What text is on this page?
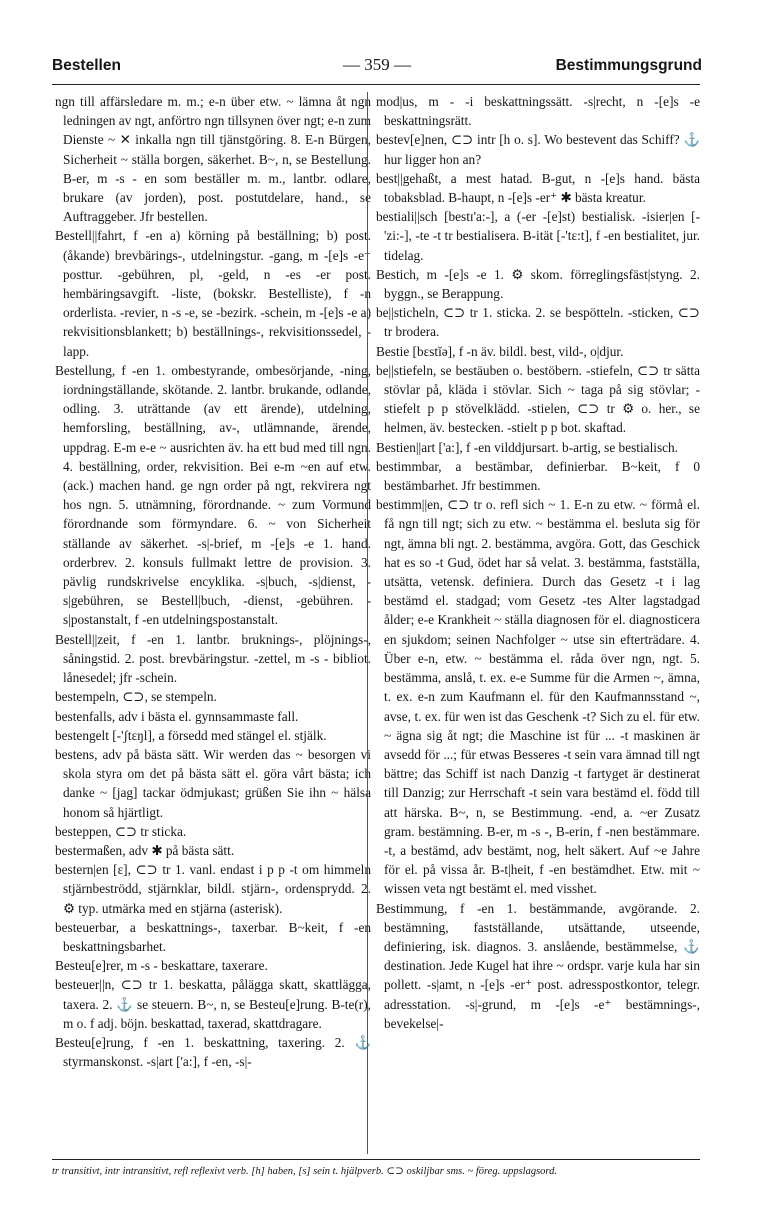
Bestellen	— 359 —	Bestimmungsgrund

ngn till affärsledare m. m.; e-n über etw. ~ lämna åt ngn ledningen av ngt, anförtro ngn tillsynen över ngt; e-n zum Dienste ~ ✕ inkalla ngn till tjänstgöring. 8. E-n Bürgen, Sicherheit ~ ställa borgen, säkerhet. B~, n, se Bestellung. B-er, m -s - en som beställer m. m., lantbr. odlare, brukare (av jorden), post. postutdelare, hand., se Auftraggeber. Jfr bestellen.

Bestell||fahrt, f -en a) körning på beställning; b) post. (åkande) brevbärings-, utdelningstur. -gang, m -[e]s -e⁺ posttur. -gebühren, pl, -geld, n -es -er post. hembäringsavgift. -liste, (bokskr. Bestelliste), f -n orderlista. -revier, n -s -e, se -bezirk. -schein, m -[e]s -e a) rekvisitionsblankett; b) beställnings-, rekvisitionssedel, -lapp.

Bestellung, f -en 1. ombestyrande, ombesörjande, -ning, iordningställande, skötande. 2. lantbr. brukande, odlande, odling. 3. uträttande (av ett ärende), utdelning, hemforsling, beställning, av-, utlämnande, ärende, uppdrag. E-m e-e ~ ausrichten äv. ha ett bud med till ngn. 4. beställning, order, rekvisition. Bei e-m ~en auf etw. (ack.) machen hand. ge ngn order på ngt, rekvirera ngt hos ngn. 5. utnämning, förordnande. ~ zum Vormund förordnande som förmyndare. 6. ~ von Sicherheit ställande av säkerhet. -s|-brief, m -[e]s -e 1. hand. orderbrev. 2. konsuls fullmakt lettre de provision. 3. pävlig rundskrivelse encyklika. -s|buch, -s|dienst, -s|gebühren, se Bestell|buch, -dienst, -gebühren. -s|postanstalt, f -en utdelningspostanstalt.

Bestell||zeit, f -en 1. lantbr. bruknings-, plöjnings-, såningstid. 2. post. brevbäringstur. -zettel, m -s - bibliot. lånesedel; jfr -schein.

bestempeln, ⊂⊃, se stempeln.

bestenfalls, adv i bästa el. gynnsammaste fall.

bestengelt [-'ʃtɛŋl], a försedd med stängel el. stjälk.

bestens, adv på bästa sätt. Wir werden das ~ besorgen vi skola styra om det på bästa sätt el. göra vårt bästa; ich danke ~ [jag] tackar ödmjukast; grüßen Sie ihn ~ hälsa honom så hjärtligt.

besteppen, ⊂⊃ tr sticka.

bestermaßen, adv ✱ på bästa sätt.

bestern|en [ɛ], ⊂⊃ tr 1. vanl. endast i p p -t om himmeln stjärnbeströdd, stjärnklar, bildl. stjärn-, ordensprydd. 2. ⚙ typ. utmärka med en stjärna (asterisk).

besteuerbar, a beskattnings-, taxerbar. B~keit, f -en beskattningsbarhet.

Besteu[e]rer, m -s - beskattare, taxerare.

besteuer||n, ⊂⊃ tr 1. beskatta, pålägga skatt, skattlägga, taxera. 2. ⚓ se steuern. B~, n, se Besteu[e]rung. B-te(r), m o. f adj. böjn. beskattad, taxerad, skattdragare.

Besteu[e]rung, f -en 1. beskattning, taxering. 2. ⚓ styrmanskonst. -s|art ['a:], f -en, -s|-

mod|us, m - -i beskattningssätt. -s|recht, n -[e]s -e beskattningsrätt.

bestev[e]nen, ⊂⊃ intr [h o. s]. Wo bestevent das Schiff? ⚓ hur ligger hon an?

best||gehaßt, a mest hatad. B-gut, n -[e]s hand. bästa tobaksblad. B-haupt, n -[e]s -er⁺ ✱ bästa kreatur.

bestiali||sch [bestɪ'a:-], a (-er -[e]st) bestialisk. -isier|en [-'zi:-], -te -t tr bestialisera. B-ität [-'tɛ:t], f -en bestialitet, jur. tidelag.

Bestich, m -[e]s -e 1. ⚙ skom. förreglingsfäst|styng. 2. byggn., se Berappung.

be||sticheln, ⊂⊃ tr 1. sticka. 2. se bespötteln. -sticken, ⊂⊃ tr brodera.

Bestie [bɛstĭə], f -n äv. bildl. best, vild-, o|djur.

be||stiefeln, se bestäuben o. bestöbern. -stiefeln, ⊂⊃ tr sätta stövlar på, kläda i stövlar. Sich ~ taga på sig stövlar; -stiefelt p p stövelklädd. -stielen, ⊂⊃ tr ⚙ o. her., se helmen, äv. bestecken. -stielt p p bot. skaftad.

Bestien||art ['a:], f -en vilddjursart. b-artig, se bestialisch.

bestimmbar, a bestämbar, definierbar. B~keit, f 0 bestämbarhet. Jfr bestimmen.

bestimm||en, ⊂⊃ tr o. refl sich ~ 1. E-n zu etw. ~ förmå el. få ngn till ngt; sich zu etw. ~ bestämma el. besluta sig för ngt, ämna bli ngt. 2. bestämma, avgöra. Gott, das Geschick hat es so -t Gud, ödet har så velat. 3. bestämma, fastställa, utsätta, vetensk. definiera. Durch das Gesetz -t i lag bestämd el. stadgad; vom Gesetz -tes Alter lagstadgad ålder; e-e Krankheit ~ ställa diagnosen för el. diagnosticera en sjukdom; seinen Nachfolger ~ utse sin efterträdare. 4. Über e-n, etw. ~ bestämma el. råda över ngn, ngt. 5. bestämma, anslå, t. ex. e-e Summe für die Armen ~, ämna, t. ex. e-n zum Kaufmann el. für den Kaufmannsstand ~, avse, t. ex. für wen ist das Geschenk -t? Sich zu el. für etw. ~ ägna sig åt ngt; die Maschine ist für ... -t maskinen är avsedd för ...; für etwas Besseres -t sein vara ämnad till ngt bättre; das Schiff ist nach Danzig -t fartyget är destinerat till Danzig; zur Herrschaft -t sein vara bestämd el. född till att härska. B~, n, se Bestimmung. -end, a. ~er Zusatz gram. bestämning. B-er, m -s -, B-erin, f -nen bestämmare. -t, a bestämd, adv bestämt, nog, helt säkert. Auf ~e Jahre för el. på vissa år. B-t|heit, f -en bestämdhet. Etw. mit ~ wissen veta ngt bestämt el. med visshet.

Bestimmung, f -en 1. bestämmande, avgörande. 2. bestämning, fastställande, utsättande, utseende, definiering, isk. diagnos. 3. anslående, bestämmelse, ⚓ destination. Jede Kugel hat ihre ~ ordspr. varje kula har sin pollett. -s|amt, n -[e]s -er⁺ post. adresspostkontor, telegr. adresstation. -s|-grund, m -[e]s -e⁺ bestämnings-, bevekelse|-

tr transitivt, intr intransitivt, refl reflexivt verb. [h] haben, [s] sein t. hjälpverb. ⊂⊃ oskiljbar sms. ~ föreg. uppslagsord.
